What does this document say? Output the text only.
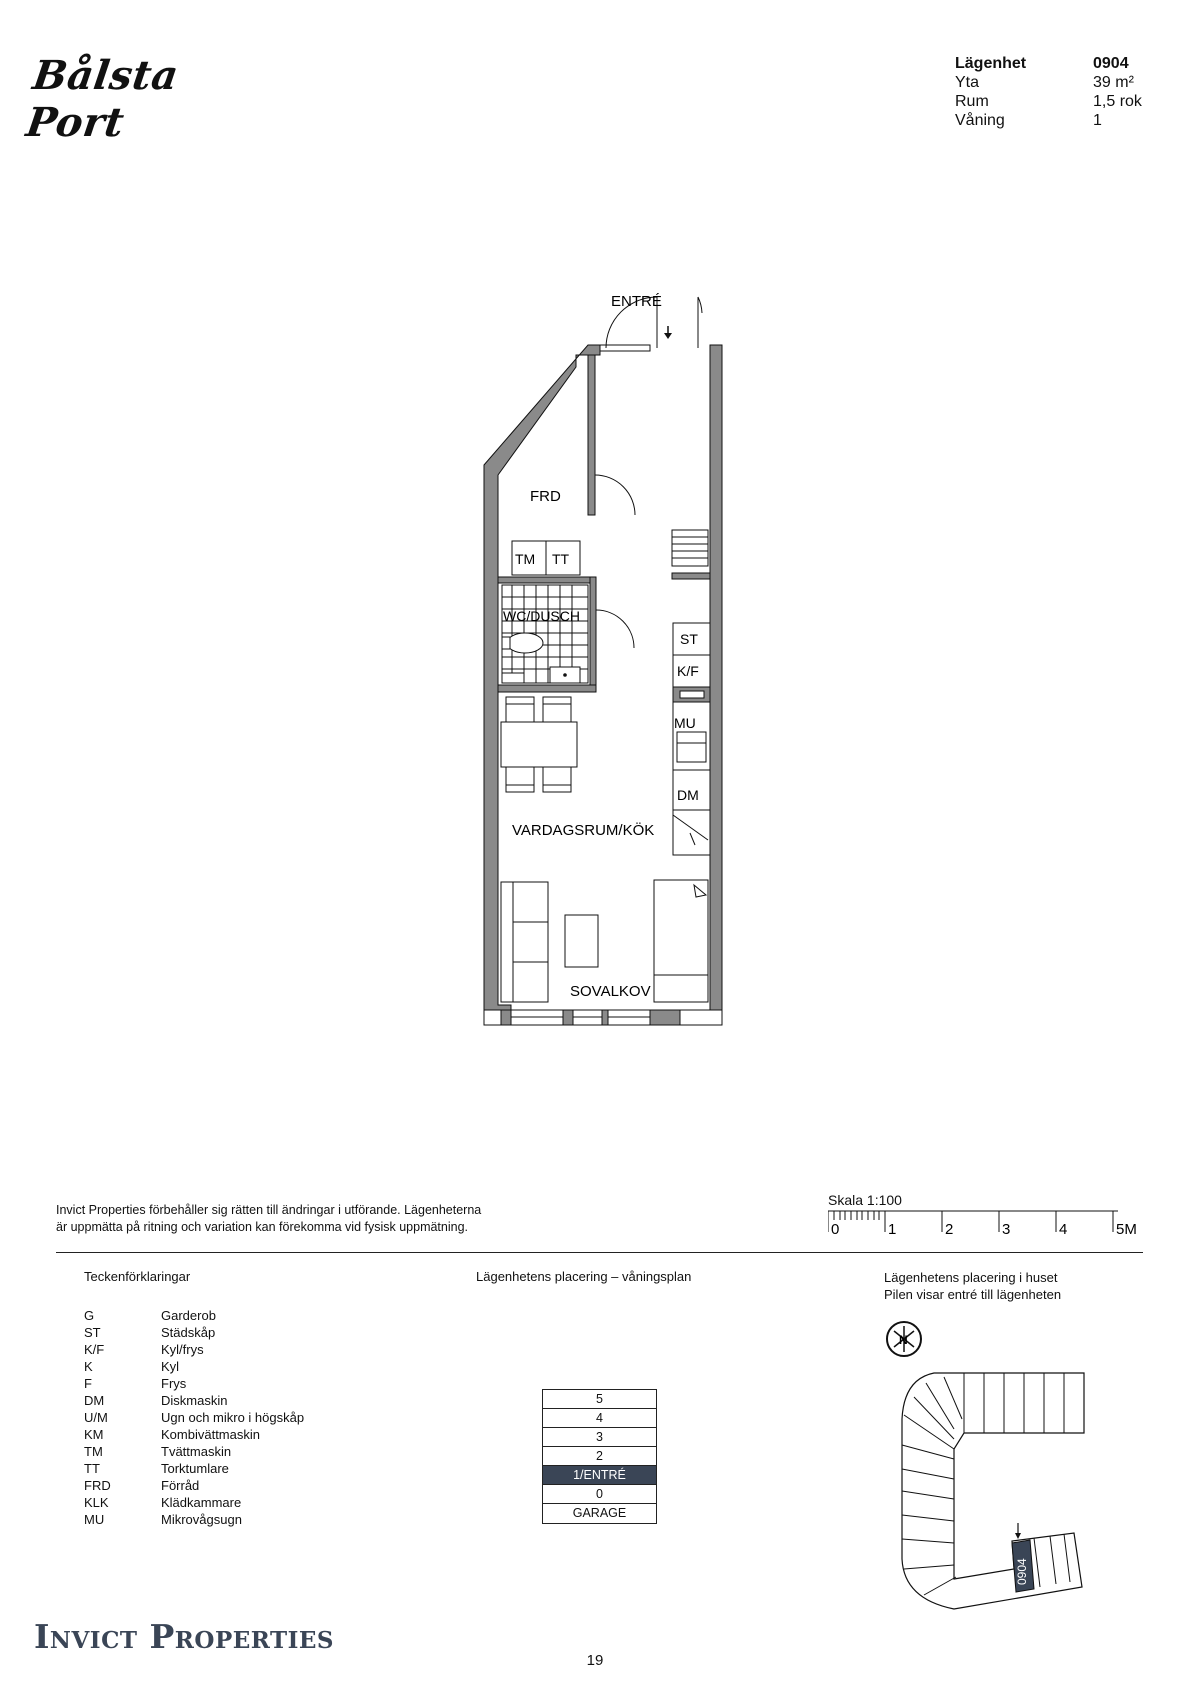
Bålsta Port
Lägenhet	0904
Yta	39 m²
Rum	1,5 rok
Våning	1
ENTRÉ
FRD
TM TT
WC/DUSCH
ST
K/F
MU
DM
VARDAGSRUM/KÖK
SOVALKOV
Invict Properties förbehåller sig rätten till ändringar i utförande. Lägenheterna
är uppmätta på ritning och variation kan förekomma vid fysisk uppmätning.
Skala 1:100
0	1	2	3	4	5M
Teckenförklaringar
G	Garderob
ST	Städskåp
K/F	Kyl/frys
K	Kyl
F	Frys
DM	Diskmaskin
U/M	Ugn och mikro i högskåp
KM	Kombivättmaskin
TM	Tvättmaskin
TT	Torktumlare
FRD	Förråd
KLK	Klädkammare
MU	Mikrovågsugn
Lägenhetens placering – våningsplan
5
4
3
2
1/ENTRÉ
0
GARAGE
Lägenhetens placering i huset
Pilen visar entré till lägenheten
N
0904
Invict Properties
19
